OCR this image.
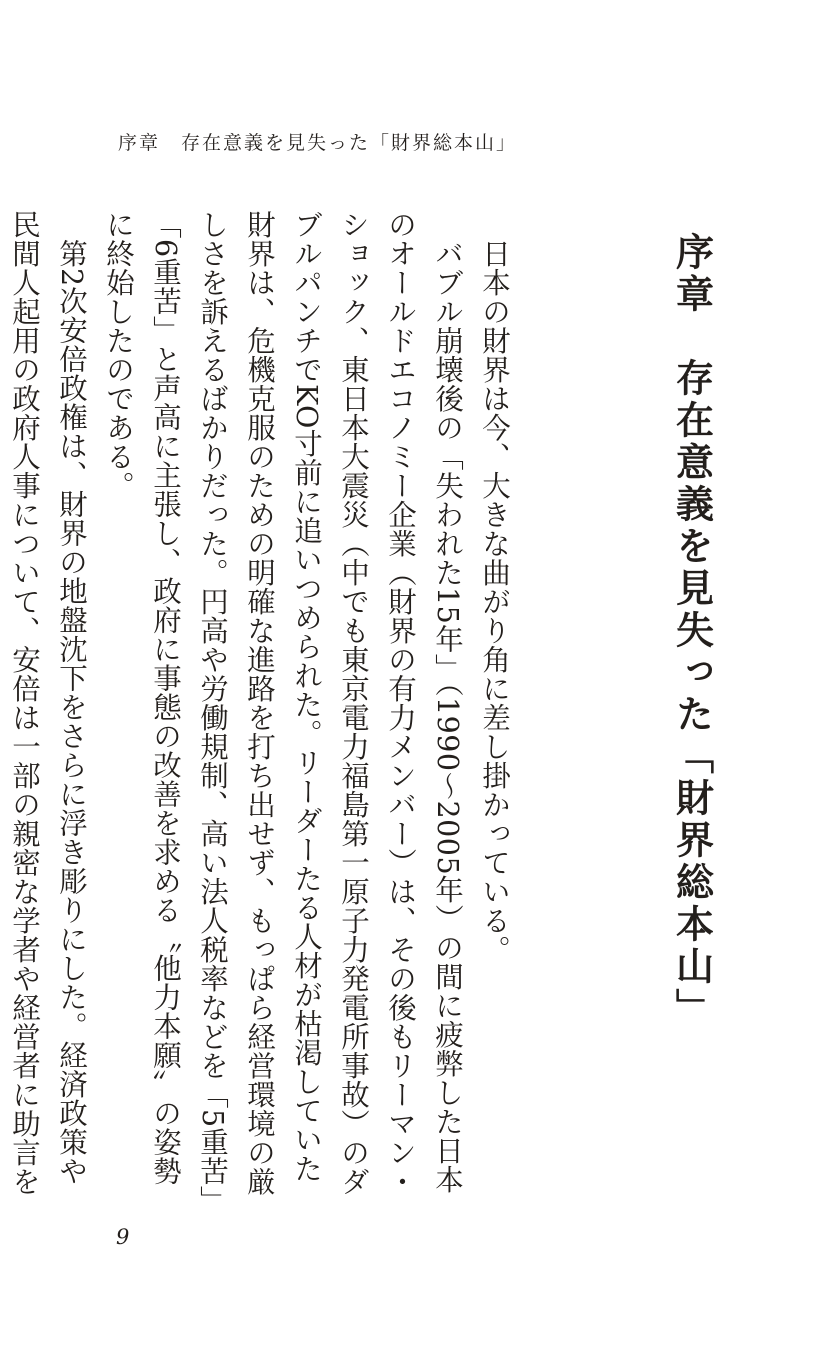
序章　存在意義を見失った「財界総本山」
序章　存在意義を見失った「財界総本山」

日本の財界は今、大きな曲がり角に差し掛かっている。

バブル崩壊後の「失われた15年」（1990～2005年）の間に疲弊した日本のオールドエコノミー企業（財界の有力メンバー）は、その後もリーマン・ショック、東日本大震災（中でも東京電力福島第一原子力発電所事故）のダブルパンチでKO寸前に追いつめられた。リーダーたる人材が枯渇していた財界は、危機克服のための明確な進路を打ち出せず、もっぱら経営環境の厳しさを訴えるばかりだった。円高や労働規制、高い法人税率などを「5重苦」「6重苦」と声高に主張し、政府に事態の改善を求める〝他力本願〟の姿勢に終始したのである。

第2次安倍政権は、財界の地盤沈下をさらに浮き彫りにした。経済政策や民間人起用の政府人事について、安倍は一部の親密な学者や経営者に助言を

9
